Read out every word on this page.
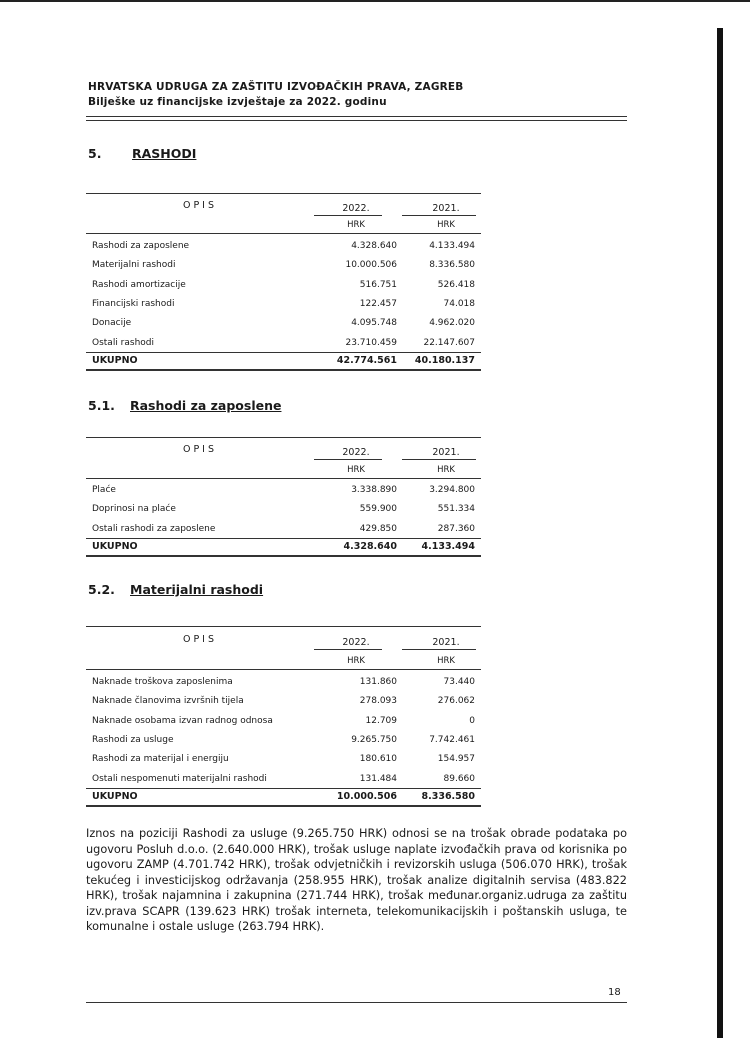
HRVATSKA UDRUGA ZA ZAŠTITU IZVOĐAČKIH PRAVA, ZAGREB
Bilješke uz financijske izvještaje za 2022. godinu
5. RASHODI
OPIS	2022.	2021.
HRK	HRK
Rashodi za zaposlene	4.328.640	4.133.494
Materijalni rashodi	10.000.506	8.336.580
Rashodi amortizacije	516.751	526.418
Financijski rashodi	122.457	74.018
Donacije	4.095.748	4.962.020
Ostali rashodi	23.710.459	22.147.607
UKUPNO	42.774.561 40.180.137
5.1. Rashodi za zaposlene
OPIS	2022.	2021.
HRK	HRK
Plaće	3.338.890	3.294.800
Doprinosi na plaće	559.900	551.334
Ostali rashodi za zaposlene	429.850	287.360
UKUPNO	4.328.640	4.133.494
5.2. Materijalni rashodi
OPIS	2022.	2021.
HRK	HRK
Naknade troškova zaposlenima	131.860	73.440
Naknade članovima izvršnih tijela	278.093	276.062
Naknade osobama izvan radnog odnosa	12.709	0
Rashodi za usluge	9.265.750	7.742.461
Rashodi za materijal i energiju	180.610	154.957
Ostali nespomenuti materijalni rashodi	131.484	89.660
UKUPNO	10.000.506	8.336.580
Iznos na poziciji Rashodi za usluge (9.265.750 HRK) odnosi se na trošak obrade podataka po ugovoru Posluh d.o.o. (2.640.000 HRK), trošak usluge naplate izvođačkih prava od korisnika po ugovoru ZAMP (4.701.742 HRK), trošak odvjetničkih i revizorskih usluga (506.070 HRK), trošak tekućeg i investicijskog održavanja (258.955 HRK), trošak analize digitalnih servisa (483.822 HRK), trošak najamnina i zakupnina (271.744 HRK), trošak međunar.organiz.udruga za zaštitu izv.prava SCAPR (139.623 HRK) trošak interneta, telekomunikacijskih i poštanskih usluga, te komunalne i ostale usluge (263.794 HRK).
18
